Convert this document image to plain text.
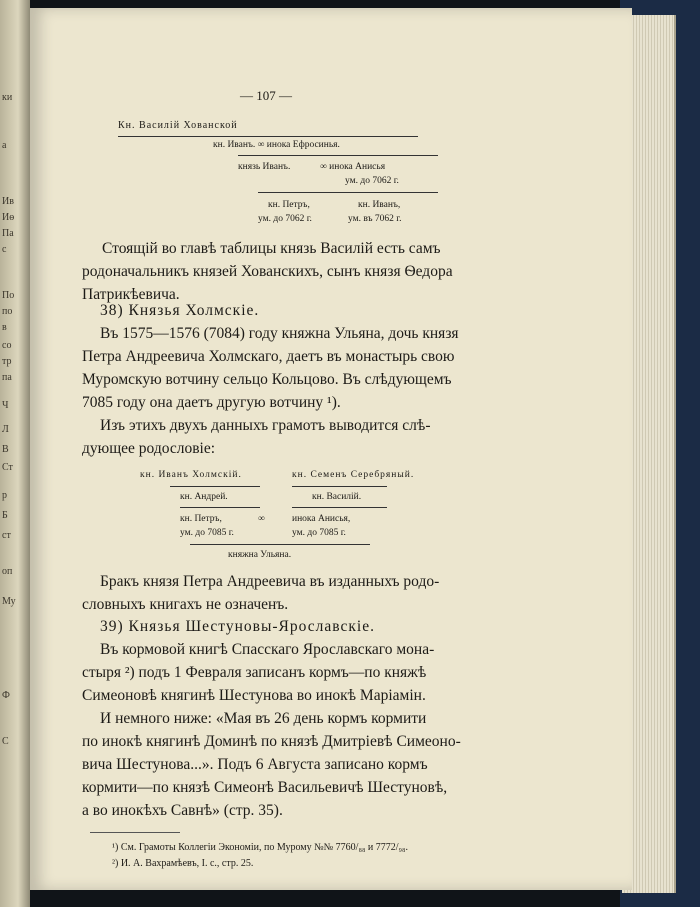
ки
а
Ив
Иѳ
Па
с
По
по
в
со
тр
па
Ч
Л
В
Ст
р
Б
ст
оп
Му
Ф
С
— 107 —
Кн. Василій Хованской
кн. Иванъ. ∞ инока Ефросинья.
князь Иванъ.	∞ инока Анисья
ум. до 7062 г.
кн. Петръ,
ум. до 7062 г.
кн. Иванъ,
ум. въ 7062 г.
Стоящій во главѣ таблицы князь Василій есть самъ
родоначальникъ князей Хованскихъ, сынъ князя Ѳедора
Патрикѣевича.
38) Князья Холмскіе.
Въ 1575—1576 (7084) году княжна Ульяна, дочь князя
Петра Андреевича Холмскаго, даетъ въ монастырь свою
Муромскую вотчину сельцо Кольцово. Въ слѣдующемъ
7085 году она даетъ другую вотчину ¹).
Изъ этихъ двухъ данныхъ грамотъ выводится слѣ-
дующее родословіе:
кн. Иванъ Холмскій.	кн. Семенъ Серебряный.
кн. Андрей.	кн. Василій.
кн. Петръ,
ум. до 7085 г.
∞	инока Анисья,
ум. до 7085 г.
княжна Ульяна.
Бракъ князя Петра Андреевича въ изданныхъ родо-
словныхъ книгахъ не означенъ.
39) Князья Шестуновы-Ярославскіе.
Въ кормовой книгѣ Спасскаго Ярославскаго мона-
стыря ²) подъ 1 Февраля записанъ кормъ—по княжѣ
Симеоновѣ княгинѣ Шестунова во инокѣ Маріамін.
И немного ниже: «Мая въ 26 день кормъ кормити
по инокѣ княгинѣ Доминѣ по князѣ Дмитріевѣ Симеоно-
вича Шестунова...». Подъ 6 Августа записано кормъ
кормити—по князѣ Симеонѣ Васильевичѣ Шестуновѣ,
а во инокѣхъ Савнѣ» (стр. 35).
¹) См. Грамоты Коллегіи Экономіи, по Мурому №№ 7760/₈₈ и 7772/₉₈.
²) И. А. Вахрамѣевъ, I. с., стр. 25.
